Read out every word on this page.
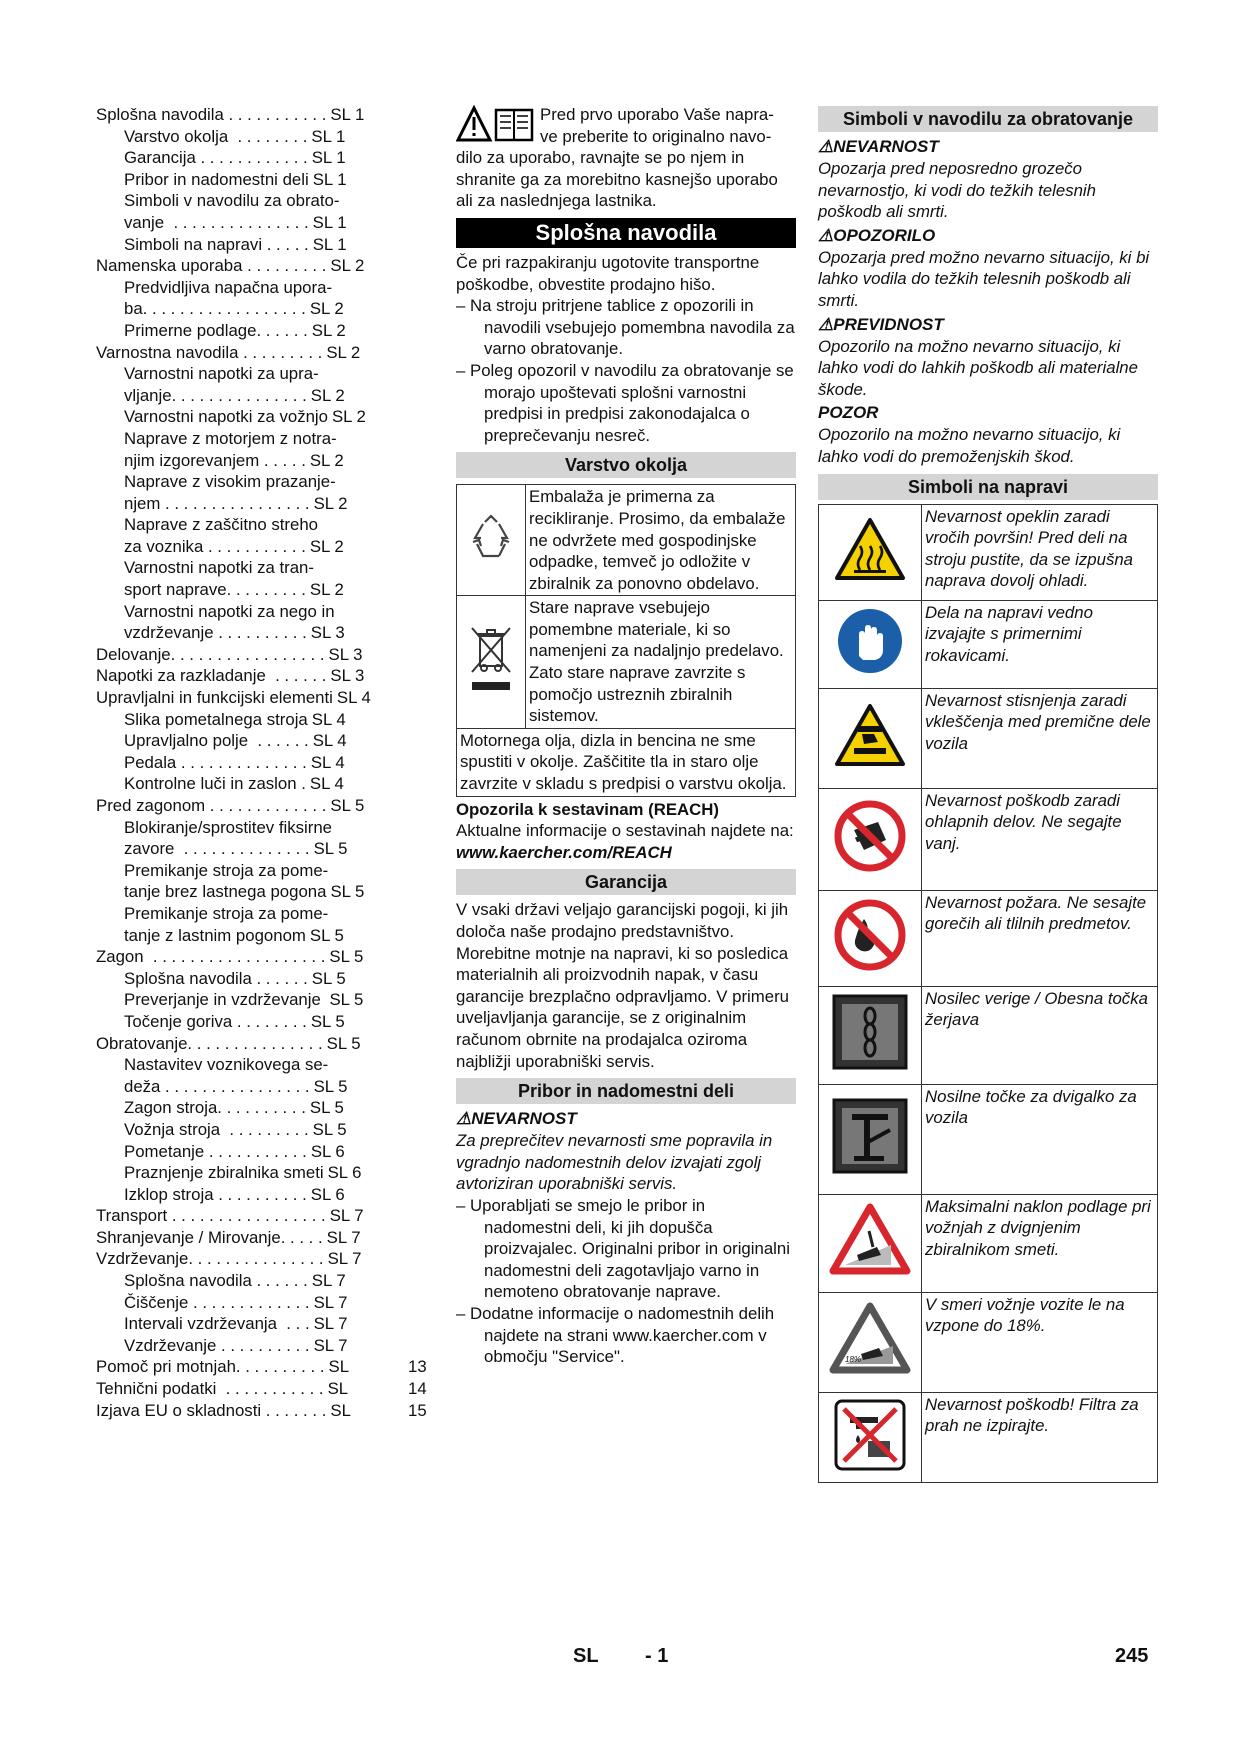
Splošna navodila . . . . . . . . . . . SL 1
Varstvo okolja  . . . . . . . . SL 1
Garancija . . . . . . . . . . . . SL 1
Pribor in nadomestni deli SL 1
Simboli v navodilu za obrato-
vanje  . . . . . . . . . . . . . . . SL 1
Simboli na napravi . . . . . SL 1
Namenska uporaba . . . . . . . . . SL 2
Predvidljiva napačna upora-
ba. . . . . . . . . . . . . . . . . . SL 2
Primerne podlage. . . . . . SL 2
Varnostna navodila . . . . . . . . . SL 2
Varnostni napotki za upra-
vljanje. . . . . . . . . . . . . . . SL 2
Varnostni napotki za vožnjo SL 2
Naprave z motorjem z notra-
njim izgorevanjem . . . . . SL 2
Naprave z visokim prazanje-
njem . . . . . . . . . . . . . . . . SL 2
Naprave z zaščitno streho
za voznika . . . . . . . . . . . SL 2
Varnostni napotki za tran-
sport naprave. . . . . . . . . SL 2
Varnostni napotki za nego in
vzdrževanje . . . . . . . . . . SL 3
Delovanje. . . . . . . . . . . . . . . . . SL 3
Napotki za razkladanje  . . . . . . SL 3
Upravljalni in funkcijski elementi SL 4
Slika pometalnega stroja SL 4
Upravljalno polje  . . . . . . SL 4
Pedala . . . . . . . . . . . . . . SL 4
Kontrolne luči in zaslon . SL 4
Pred zagonom . . . . . . . . . . . . . SL 5
Blokiranje/sprostitev fiksirne
zavore  . . . . . . . . . . . . . . SL 5
Premikanje stroja za pome-
tanje brez lastnega pogona SL 5
Premikanje stroja za pome-
tanje z lastnim pogonom SL 5
Zagon  . . . . . . . . . . . . . . . . . . . SL 5
Splošna navodila . . . . . . SL 5
Preverjanje in vzdrževanje SL 5
Točenje goriva . . . . . . . . SL 5
Obratovanje. . . . . . . . . . . . . . . SL 5
Nastavitev voznikovega se-
deža . . . . . . . . . . . . . . . . SL 5
Zagon stroja. . . . . . . . . . SL 5
Vožnja stroja  . . . . . . . . . SL 5
Pometanje . . . . . . . . . . . SL 6
Praznjenje zbiralnika smeti SL 6
Izklop stroja . . . . . . . . . . SL 6
Transport . . . . . . . . . . . . . . . . . SL 7
Shranjevanje / Mirovanje. . . . . SL 7
Vzdrževanje. . . . . . . . . . . . . . . SL 7
Splošna navodila . . . . . . SL 7
Čiščenje . . . . . . . . . . . . . SL 7
Intervali vzdrževanja  . . . SL 7
Vzdrževanje . . . . . . . . . . SL 7
Pomoč pri motnjah. . . . . . . . . . SL	13
Tehnični podatki  . . . . . . . . . . . SL	14
Izjava EU o skladnosti . . . . . . . SL	15

Pred prvo uporabo Vaše napra-

ve preberite to originalno navo-

dilo za uporabo, ravnajte se po njem in shranite ga za morebitno kasnejšo uporabo ali za naslednjega lastnika.

Splošna navodila

Če pri razpakiranju ugotovite transportne poškodbe, obvestite prodajno hišo.

– Na stroju pritrjene tablice z opozorili in navodili vsebujejo pomembna navodila za varno obratovanje.
– Poleg opozoril v navodilu za obratovanje se morajo upoštevati splošni varnostni predpisi in predpisi zakonodajalca o preprečevanju nesreč.
Varstvo okolja
	Embalaža je primerna za recikliranje. Prosimo, da embalaže ne odvržete med gospodinjske odpadke, temveč jo odložite v zbiralnik za ponovno obdelavo.
	Stare naprave vsebujejo pomembne materiale, ki so namenjeni za nadaljnjo predelavo. Zato stare naprave zavrzite s pomočjo ustreznih zbiralnih sistemov.
Motornega olja, dizla in bencina ne sme spustiti v okolje. Zaščitite tla in staro olje zavrzite v skladu s predpisi o varstvu okolja.	

Opozorila k sestavinam (REACH)

Aktualne informacije o sestavinah najdete na:

www.kaercher.com/REACH

Garancija

V vsaki državi veljajo garancijski pogoji, ki jih določa naše prodajno predstavništvo. Morebitne motnje na napravi, ki so posledica materialnih ali proizvodnih napak, v času garancije brezplačno odpravljamo. V primeru uveljavljanja garancije, se z originalnim računom obrnite na prodajalca oziroma najbližji uporabniški servis.

Pribor in nadomestni deli
⚠NEVARNOST

Za preprečitev nevarnosti sme popravila in vgradnjo nadomestnih delov izvajati zgolj avtoriziran uporabniški servis.

– Uporabljati se smejo le pribor in nadomestni deli, ki jih dopušča proizvajalec. Originalni pribor in originalni nadomestni deli zagotavljajo varno in nemoteno obratovanje naprave.
– Dodatne informacije o nadomestnih delih najdete na strani www.kaercher.com v območju "Service".
Simboli v navodilu za obratovanje
⚠NEVARNOST

Opozarja pred neposredno grozečo nevarnostjo, ki vodi do težkih telesnih poškodb ali smrti.

⚠OPOZORILO

Opozarja pred možno nevarno situacijo, ki bi lahko vodila do težkih telesnih poškodb ali smrti.

⚠PREVIDNOST

Opozorilo na možno nevarno situacijo, ki lahko vodi do lahkih poškodb ali materialne škode.

POZOR

Opozorilo na možno nevarno situacijo, ki lahko vodi do premoženjskih škod.

Simboli na napravi
	Nevarnost opeklin zaradi vročih površin! Pred deli na stroju pustite, da se izpušna naprava dovolj ohladi.
	Dela na napravi vedno izvajajte s primernimi rokavicami.
	Nevarnost stisnjenja zaradi vkleščenja med premične dele vozila
	Nevarnost poškodb zaradi ohlapnih delov. Ne segajte vanj.
	Nevarnost požara. Ne sesajte gorečih ali tlilnih predmetov.
	Nosilec verige / Obesna točka žerjava
	Nosilne točke za dvigalko za vozila
	Maksimalni naklon podlage pri vožnjah z dvignjenim zbiralnikom smeti.

18%	V smeri vožnje vozite le na vzpone do 18%.
	Nevarnost poškodb! Filtra za prah ne izpirajte.
SL - 1	245
